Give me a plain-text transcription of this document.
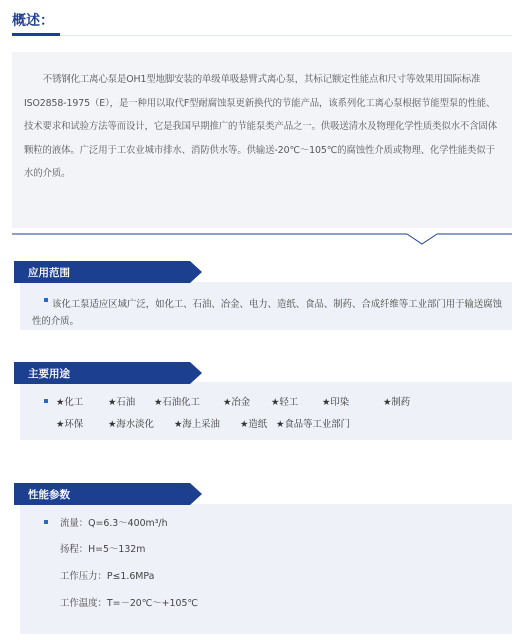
概述：

不锈钢化工离心泵是OH1型地脚安装的单级单吸悬臂式离心泵，其标记额定性能点和尺寸等效果用国际标准ISO2858-1975（E），是一种用以取代F型耐腐蚀泵更新换代的节能产品，该系列化工离心泵根据节能型泵的性能、技术要求和试验方法等而设计，它是我国早期推广的节能泵类产品之一。供吸送清水及物理化学性质类似水不含固体颗粒的液体。广泛用于工农业城市排水、消防供水等。供输送-20℃～105℃的腐蚀性介质或物理、化学性能类似于水的介质。

应用范围
该化工泵适应区域广泛，如化工、石油、冶金、电力、造纸、食品、制药、合成纤维等工业部门用于输送腐蚀性的介质。
主要用途
★化工	★石油 ★石油化工 ★冶金 ★轻工	★印染	★制药
★环保	★海水淡化 ★海上采油 ★造纸 ★食品等工业部门
性能参数
流量：Q=6.3～400m³/h
扬程：H=5～132m
工作压力：P≤1.6MPa
工作温度：T=－20℃～+105℃
